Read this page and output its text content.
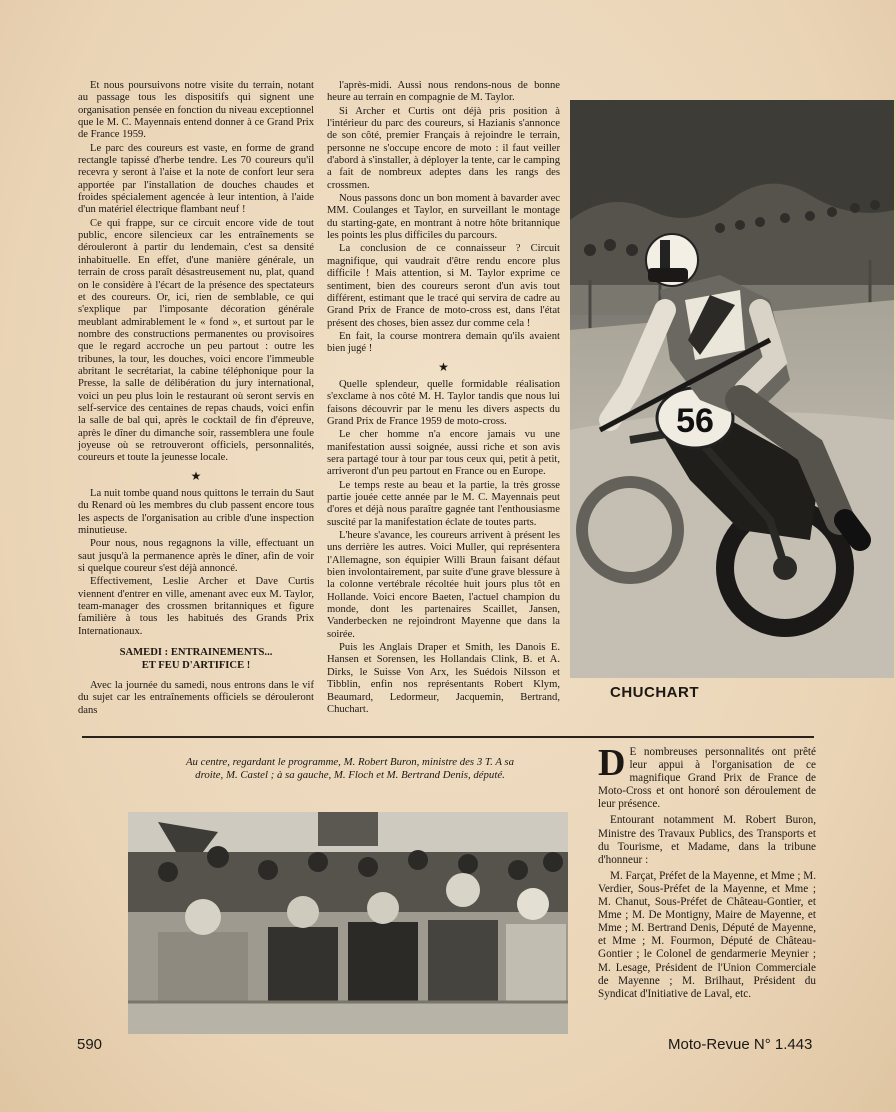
Et nous poursuivons notre visite du terrain, notant au passage tous les dispositifs qui signent une organisation pensée en fonction du niveau exceptionnel que le M. C. Mayennais entend donner à ce Grand Prix de France 1959.

Le parc des coureurs est vaste, en forme de grand rectangle tapissé d'herbe tendre. Les 70 coureurs qu'il recevra y seront à l'aise et la note de confort leur sera apportée par l'installation de douches chaudes et froides spécialement agencée à leur intention, à l'aide d'un matériel électrique flambant neuf !

Ce qui frappe, sur ce circuit encore vide de tout public, encore silencieux car les entraînements se dérouleront à partir du lendemain, c'est sa densité inhabituelle. En effet, d'une manière générale, un terrain de cross paraît désastreusement nu, plat, quand on le considère à l'écart de la présence des spectateurs et des coureurs. Or, ici, rien de semblable, ce qui s'explique par l'imposante décoration générale meublant admirablement le « fond », et surtout par le nombre des constructions permanentes ou provisoires que le regard accroche un peu partout : outre les tribunes, la tour, les douches, voici encore l'immeuble abritant le secrétariat, la cabine téléphonique pour la Presse, la salle de délibération du jury international, voici un peu plus loin le restaurant où seront servis en self-service des centaines de repas chauds, voici enfin la salle de bal qui, après le cocktail de fin d'épreuve, après le dîner du dimanche soir, rassemblera une foule joyeuse où se retrouveront officiels, personnalités, coureurs et toute la jeunesse locale.

★

La nuit tombe quand nous quittons le terrain du Saut du Renard où les membres du club passent encore tous les aspects de l'organisation au crible d'une inspection minutieuse.

Pour nous, nous regagnons la ville, effectuant un saut jusqu'à la permanence après le dîner, afin de voir si quelque coureur s'est déjà annoncé.

Effectivement, Leslie Archer et Dave Curtis viennent d'entrer en ville, amenant avec eux M. Taylor, team-manager des crossmen britanniques et figure familière à tous les habitués des Grands Prix Internationaux.

SAMEDI : ENTRAINEMENTS...
ET FEU D'ARTIFICE !

Avec la journée du samedi, nous entrons dans le vif du sujet car les entraînements officiels se dérouleront dans

l'après-midi. Aussi nous rendons-nous de bonne heure au terrain en compagnie de M. Taylor.

Si Archer et Curtis ont déjà pris position à l'intérieur du parc des coureurs, si Hazianis s'annonce de son côté, premier Français à rejoindre le terrain, personne ne s'occupe encore de moto : il faut veiller d'abord à s'installer, à déployer la tente, car le camping a fait de nombreux adeptes dans les rangs des crossmen.

Nous passons donc un bon moment à bavarder avec MM. Coulanges et Taylor, en surveillant le montage du starting-gate, en montrant à notre hôte britannique les points les plus difficiles du parcours.

La conclusion de ce connaisseur ? Circuit magnifique, qui vaudrait d'être rendu encore plus difficile ! Mais attention, si M. Taylor exprime ce sentiment, bien des coureurs seront d'un avis tout différent, estimant que le tracé qui servira de cadre au Grand Prix de France de moto-cross est, dans l'état présent des choses, bien assez dur comme cela !

En fait, la course montrera demain qu'ils avaient bien jugé !

★

Quelle splendeur, quelle formidable réalisation s'exclame à nos côté M. H. Taylor tandis que nous lui faisons découvrir par le menu les divers aspects du Grand Prix de France 1959 de moto-cross.

Le cher homme n'a encore jamais vu une manifestation aussi soignée, aussi riche et son avis sera partagé tour à tour par tous ceux qui, petit à petit, arriveront d'un peu partout en France ou en Europe.

Le temps reste au beau et la partie, la très grosse partie jouée cette année par le M. C. Mayennais peut d'ores et déjà nous paraître gagnée tant l'enthousiasme suscité par la manifestation éclate de toutes parts.

L'heure s'avance, les coureurs arrivent à présent les uns derrière les autres. Voici Muller, qui représentera l'Allemagne, son équipier Willi Braun faisant défaut bien involontairement, par suite d'une grave blessure à la colonne vertébrale récoltée huit jours plus tôt en Hollande. Voici encore Baeten, l'actuel champion du monde, dont les partenaires Scaillet, Jansen, Vanderbecken ne rejoindront Mayenne que dans la soirée.

Puis les Anglais Draper et Smith, les Danois E. Hansen et Sorensen, les Hollandais Clink, B. et A. Dirks, le Suisse Von Arx, les Suédois Nilsson et Tibblin, enfin nos représentants Robert Klym, Beaumard, Ledormeur, Jacquemin, Bertrand, Chuchart.

56
CHUCHART
Au centre, regardant le programme, M. Robert Buron, ministre des 3 T. A sa droite, M. Castel ; à sa gauche, M. Floch et M. Bertrand Denis, député.	D E nombreuses personnalités ont prêté leur appui à l'organisation de ce magnifique Grand Prix de France de Moto-Cross et ont honoré son déroulement de leur présence.

Entourant notamment M. Robert Buron, Ministre des Travaux Publics, des Transports et du Tourisme, et Madame, dans la tribune d'honneur :

M. Farçat, Préfet de la Mayenne, et Mme ; M. Verdier, Sous-Préfet de la Mayenne, et Mme ; M. Chanut, Sous-Préfet de Château-Gontier, et Mme ; M. De Montigny, Maire de Mayenne, et Mme ; M. Bertrand Denis, Député de Mayenne, et Mme ; M. Fourmon, Député de Château-Gontier ; le Colonel de gendarmerie Meynier ; M. Lesage, Président de l'Union Commerciale de Mayenne ; M. Brilhaut, Président du Syndicat d'Initiative de Laval, etc.

590	Moto-Revue N° 1.443
